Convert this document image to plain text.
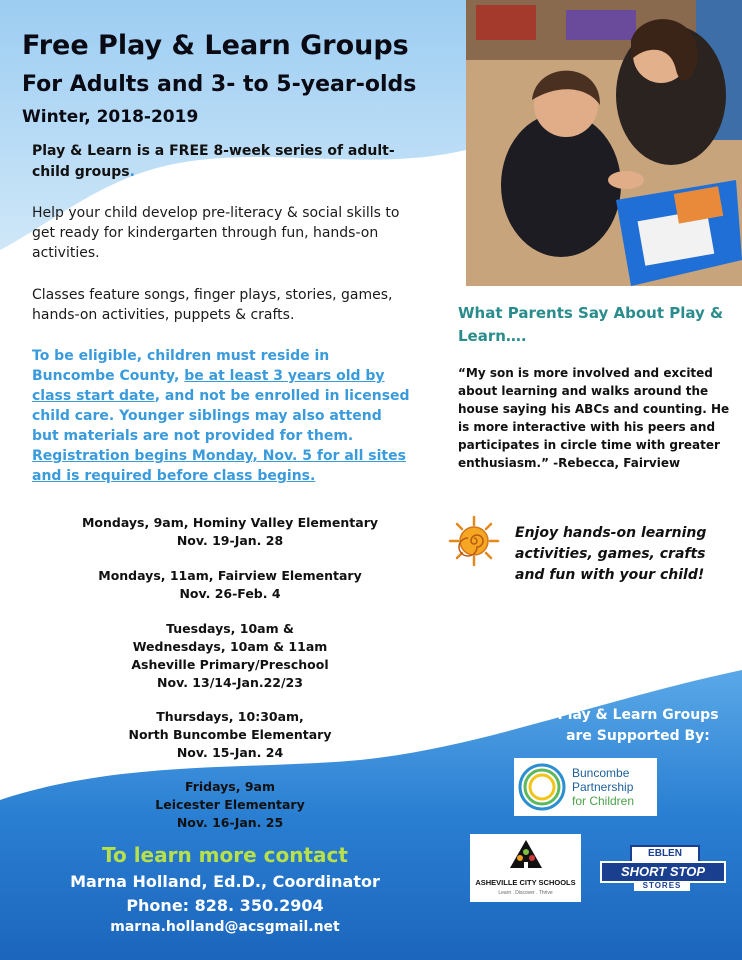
Free Play & Learn Groups
For Adults and 3- to 5-year-olds
Winter, 2018-2019
Play & Learn is a FREE 8-week series of adult-child groups.
Help your child develop pre-literacy & social skills to get ready for kindergarten through fun, hands-on activities.
Classes feature songs, finger plays, stories, games, hands-on activities, puppets & crafts.
To be eligible, children must reside in Buncombe County, be at least 3 years old by class start date, and not be enrolled in licensed child care. Younger siblings may also attend but materials are not provided for them. Registration begins Monday, Nov. 5 for all sites and is required before class begins.
Mondays, 9am, Hominy Valley Elementary
Nov. 19-Jan. 28
Mondays, 11am, Fairview Elementary
Nov. 26-Feb. 4
Tuesdays, 10am &
Wednesdays, 10am & 11am
Asheville Primary/Preschool
Nov. 13/14-Jan.22/23
Thursdays, 10:30am,
North Buncombe Elementary
Nov. 15-Jan. 24
Fridays, 9am
Leicester Elementary
Nov. 16-Jan. 25
What Parents Say About Play & Learn….
“My son is more involved and excited about learning and walks around the house saying his ABCs and counting. He is more interactive with his peers and participates in circle time with greater enthusiasm.” -Rebecca, Fairview
Enjoy hands-on learning activities, games, crafts and fun with your child!
Play & Learn Groups are Supported By:
Buncombe
Partnership
for Children
ASHEVILLE CITY SCHOOLS
Learn . Discover . Thrive
EBLEN
SHORT STOP
STORES
To learn more contact
Marna Holland, Ed.D., Coordinator
Phone: 828. 350.2904
marna.holland@acsgmail.net
